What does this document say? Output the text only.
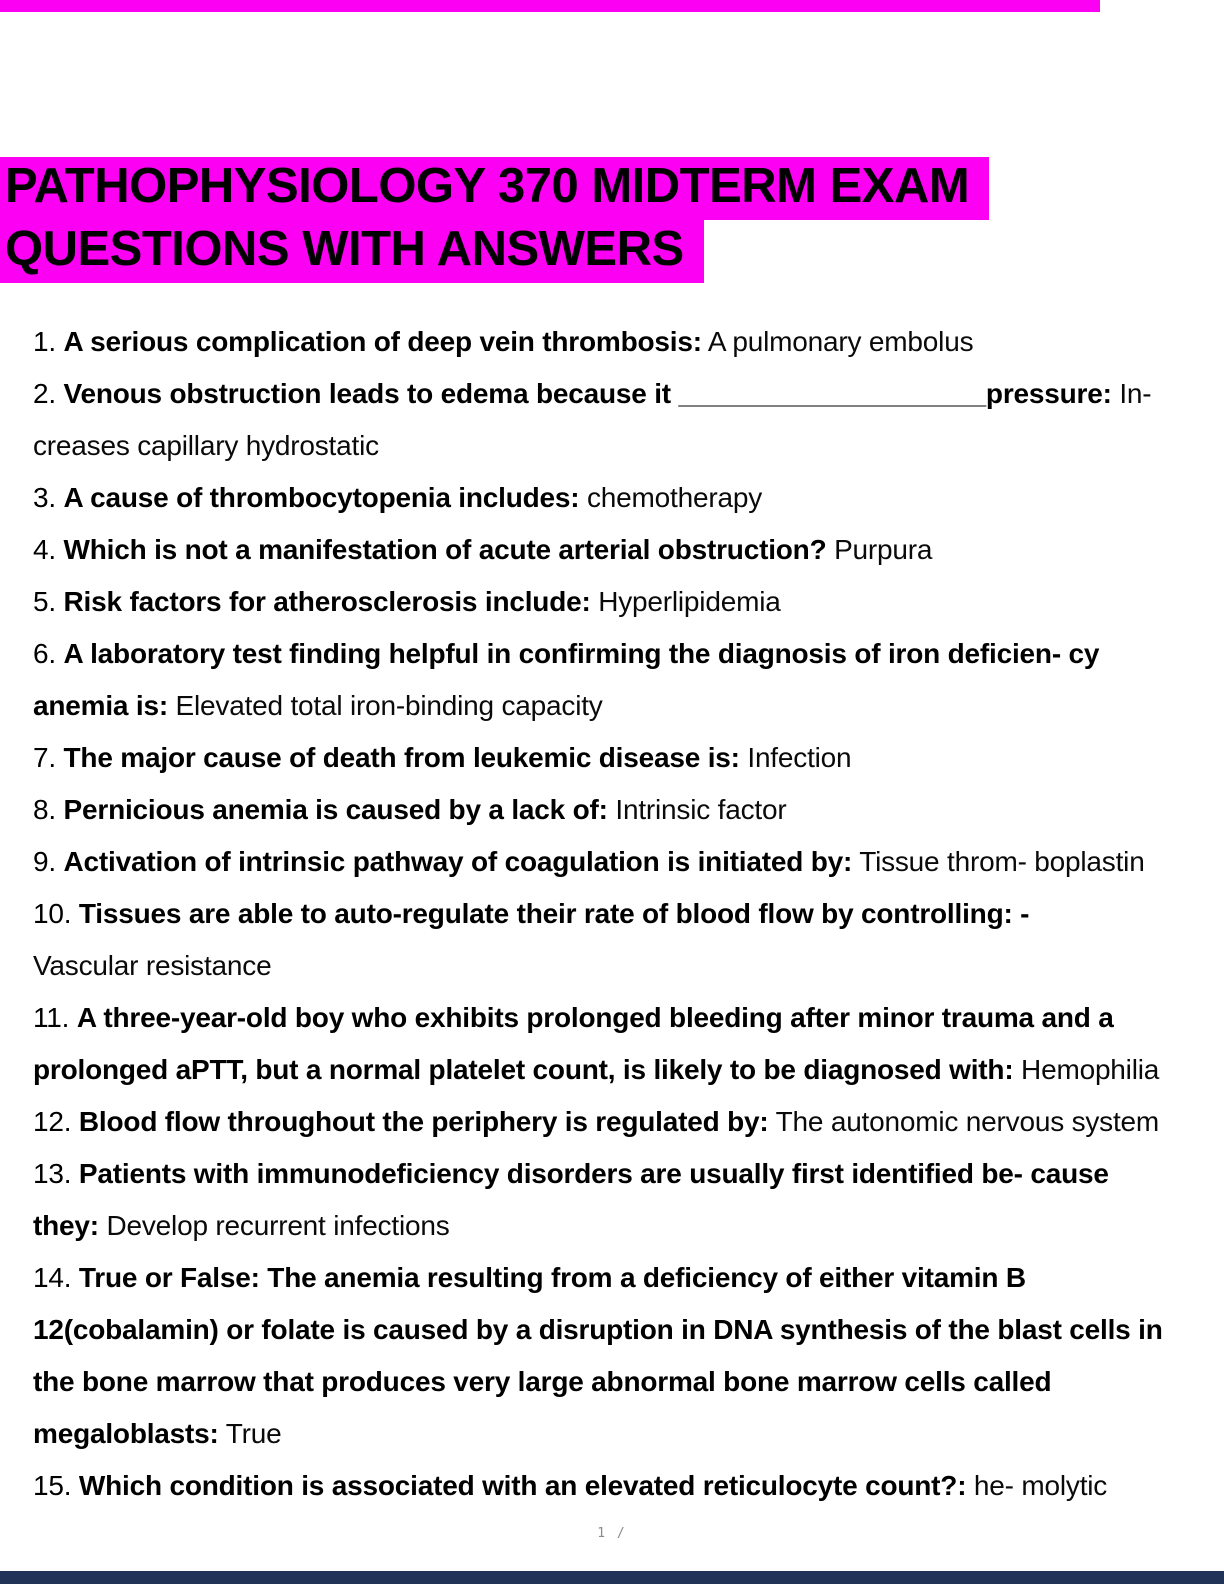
PATHOPHYSIOLOGY 370 MIDTERM EXAM
QUESTIONS WITH ANSWERS
1. A serious complication of deep vein thrombosis: A pulmonary embolus
2. Venous obstruction leads to edema because it ____________________pressure: In-
creases capillary hydrostatic
3. A cause of thrombocytopenia includes: chemotherapy
4. Which is not a manifestation of acute arterial obstruction? Purpura
5. Risk factors for atherosclerosis include: Hyperlipidemia
6. A laboratory test finding helpful in confirming the diagnosis of iron deficien- cy
anemia is: Elevated total iron-binding capacity
7. The major cause of death from leukemic disease is: Infection
8. Pernicious anemia is caused by a lack of: Intrinsic factor
9. Activation of intrinsic pathway of coagulation is initiated by: Tissue throm- boplastin
10. Tissues are able to auto-regulate their rate of blood flow by controlling: -
Vascular resistance
11. A three-year-old boy who exhibits prolonged bleeding after minor trauma and a
prolonged aPTT, but a normal platelet count, is likely to be diagnosed with: Hemophilia
12. Blood flow throughout the periphery is regulated by: The autonomic nervous system
13. Patients with immunodeficiency disorders are usually first identified be- cause
they: Develop recurrent infections
14. True or False: The anemia resulting from a deficiency of either vitamin B
12(cobalamin) or folate is caused by a disruption in DNA synthesis of the blast cells in
the bone marrow that produces very large abnormal bone marrow cells called
megaloblasts: True
15. Which condition is associated with an elevated reticulocyte count?: he- molytic
1 /
